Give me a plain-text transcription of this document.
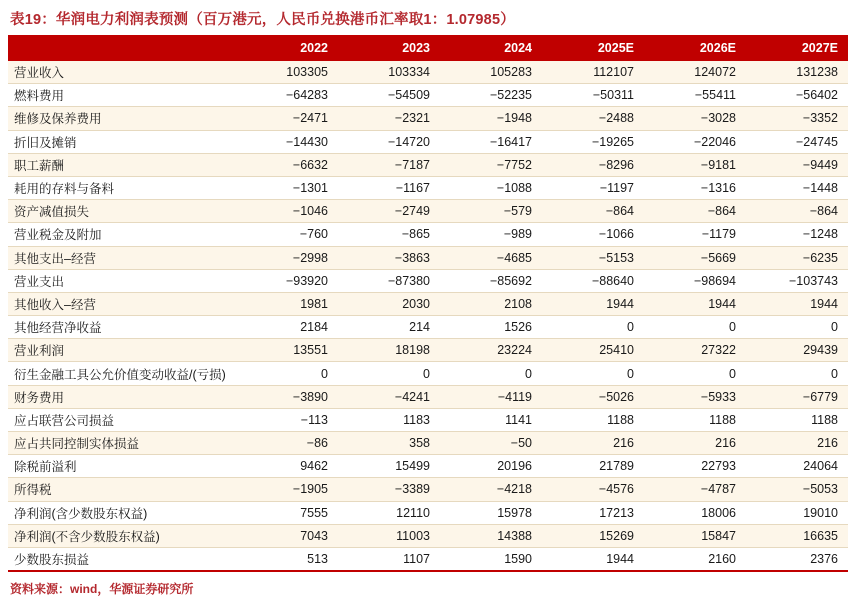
表19：华润电力利润表预测（百万港元，人民币兑换港币汇率取1：1.07985）
	2022	2023	2024	2025E	2026E	2027E
营业收入	103305	103334	105283	112107	124072	131238
燃料费用	−64283	−54509	−52235	−50311	−55411	−56402
维修及保养费用	−2471	−2321	−1948	−2488	−3028	−3352
折旧及摊销	−14430	−14720	−16417	−19265	−22046	−24745
职工薪酬	−6632	−7187	−7752	−8296	−9181	−9449
耗用的存料与备料	−1301	−1167	−1088	−1197	−1316	−1448
资产减值损失	−1046	−2749	−579	−864	−864	−864
营业税金及附加	−760	−865	−989	−1066	−1179	−1248
其他支出–经营	−2998	−3863	−4685	−5153	−5669	−6235
营业支出	−93920	−87380	−85692	−88640	−98694	−103743
其他收入–经营	1981	2030	2108	1944	1944	1944
其他经营净收益	2184	214	1526	0	0	0
营业利润	13551	18198	23224	25410	27322	29439
衍生金融工具公允价值变动收益/(亏损)	0	0	0	0	0	0
财务费用	−3890	−4241	−4119	−5026	−5933	−6779
应占联营公司损益	−113	1183	1141	1188	1188	1188
应占共同控制实体损益	−86	358	−50	216	216	216
除税前溢利	9462	15499	20196	21789	22793	24064
所得税	−1905	−3389	−4218	−4576	−4787	−5053
净利润(含少数股东权益)	7555	12110	15978	17213	18006	19010
净利润(不含少数股东权益)	7043	11003	14388	15269	15847	16635
少数股东损益	513	1107	1590	1944	2160	2376
资料来源：wind，华源证券研究所
